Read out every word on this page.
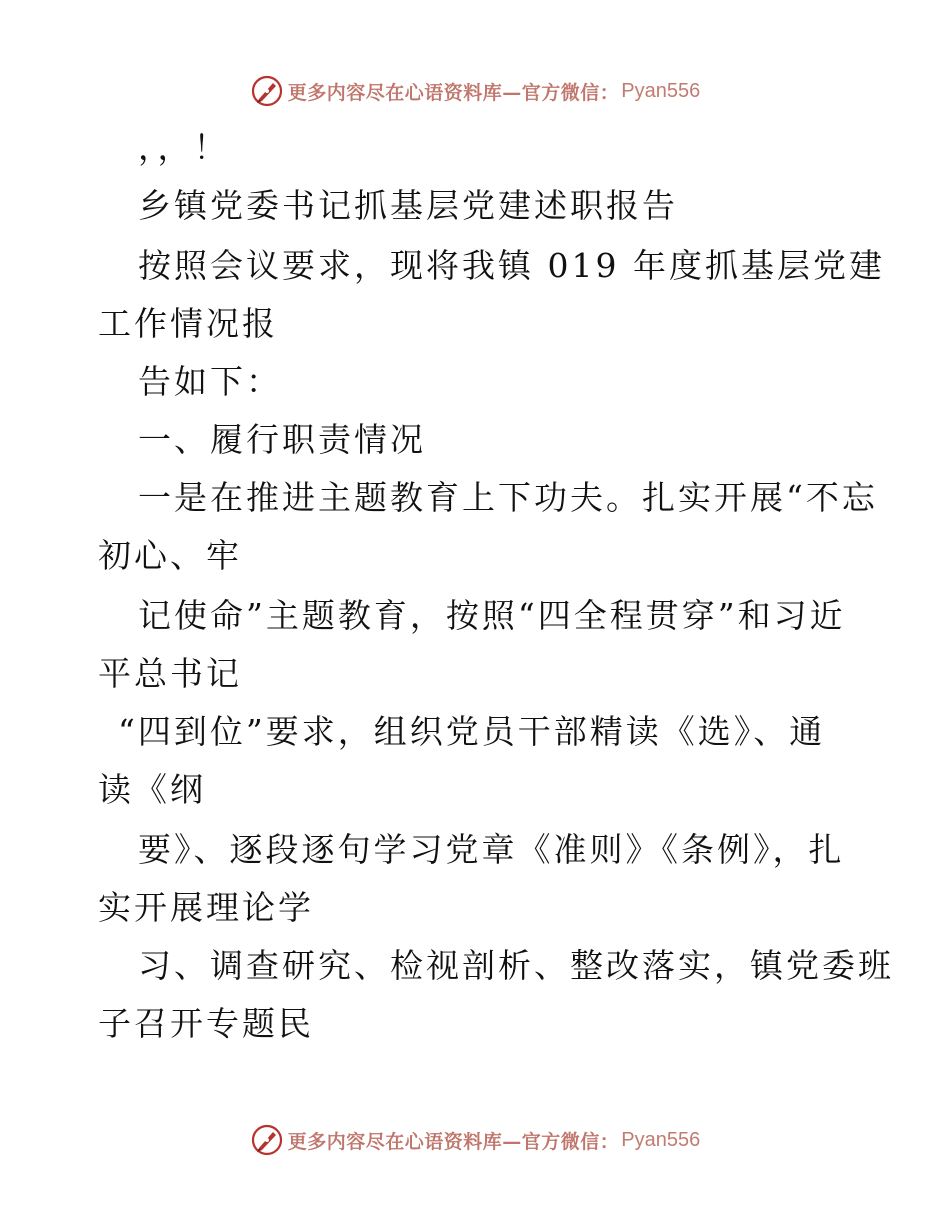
更多内容尽在心语资料库—官方微信： Pyan556
，，！
乡镇党委书记抓基层党建述职报告
按照会议要求，现将我镇 019 年度抓基层党建
工作情况报
告如下：
一、履行职责情况
一是在推进主题教育上下功夫。扎实开展“不忘
初心、牢
记使命”主题教育，按照“四全程贯穿”和习近
平总书记
“四到位”要求，组织党员干部精读《选》、通
读《纲
要》、逐段逐句学习党章《准则》《条例》，扎
实开展理论学
习、调查研究、检视剖析、整改落实，镇党委班
子召开专题民
更多内容尽在心语资料库—官方微信： Pyan556
